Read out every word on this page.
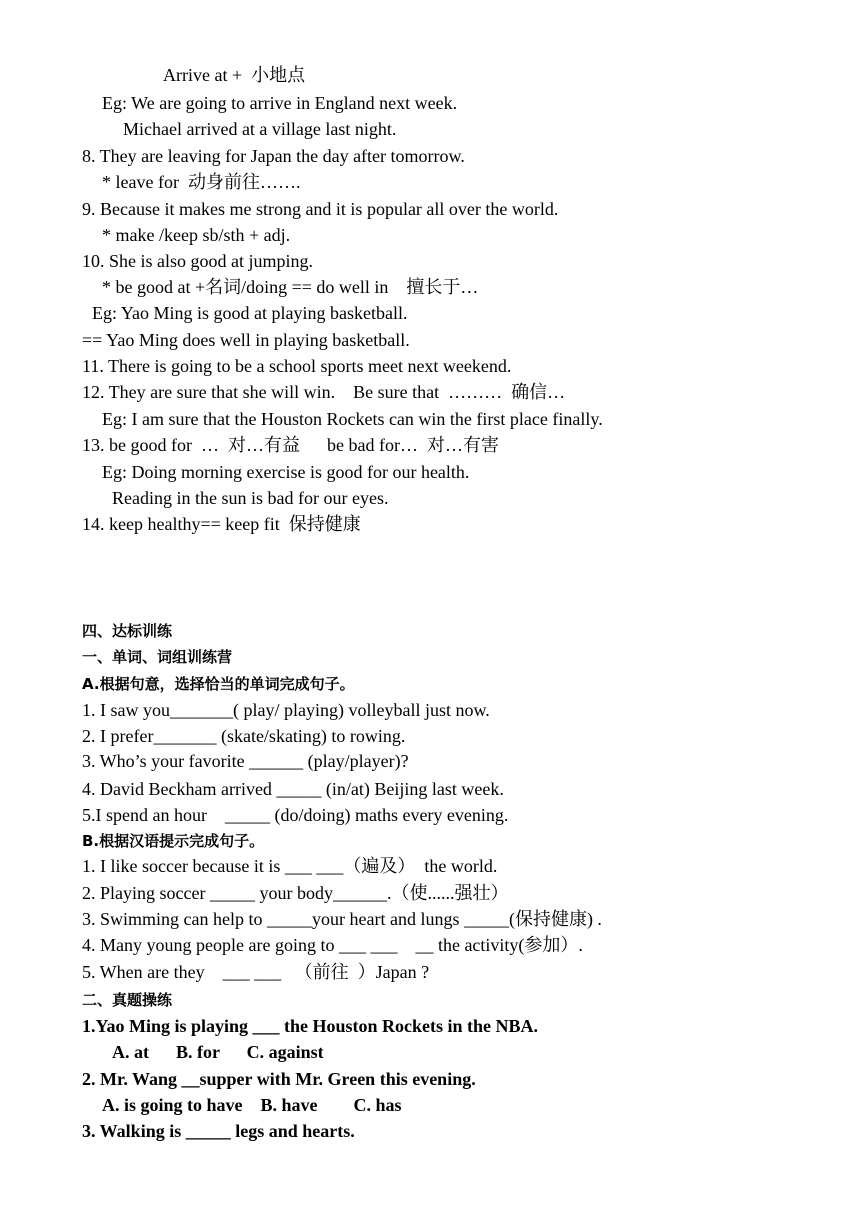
Arrive at +  小地点
Eg: We are going to arrive in England next week.
Michael arrived at a village last night.
8. They are leaving for Japan the day after tomorrow.
* leave for  动身前往…….
9. Because it makes me strong and it is popular all over the world.
* make /keep sb/sth + adj.
10. She is also good at jumping.
* be good at +名词/doing == do well in    擅长于…
Eg: Yao Ming is good at playing basketball.
== Yao Ming does well in playing basketball.
11. There is going to be a school sports meet next weekend.
12. They are sure that she will win.    Be sure that  ………  确信…
Eg: I am sure that the Houston Rockets can win the first place finally.
13. be good for  …  对…有益      be bad for…  对…有害
Eg: Doing morning exercise is good for our health.
Reading in the sun is bad for our eyes.
14. keep healthy== keep fit  保持健康
四、达标训练
一、单词、词组训练营
A.根据句意，选择恰当的单词完成句子。
1. I saw you_______( play/ playing) volleyball just now.
2. I prefer_______ (skate/skating) to rowing.
3. Who’s your favorite ______ (play/player)?
4. David Beckham arrived _____ (in/at) Beijing last week.
5.I spend an hour    _____ (do/doing) maths every evening.
B.根据汉语提示完成句子。
1. I like soccer because it is ___ ___（遍及）  the world.
2. Playing soccer _____ your body______.（使......强壮）
3. Swimming can help to _____your heart and lungs _____(保持健康) .
4. Many young people are going to ___ ___    __ the activity(参加）.
5. When are they    ___ ___   （前往  ）Japan ?
二、真题操练
1.Yao Ming is playing ___ the Houston Rockets in the NBA.
A. at      B. for      C. against
2. Mr. Wang __supper with Mr. Green this evening.
A. is going to have    B. have        C. has
3. Walking is _____ legs and hearts.
